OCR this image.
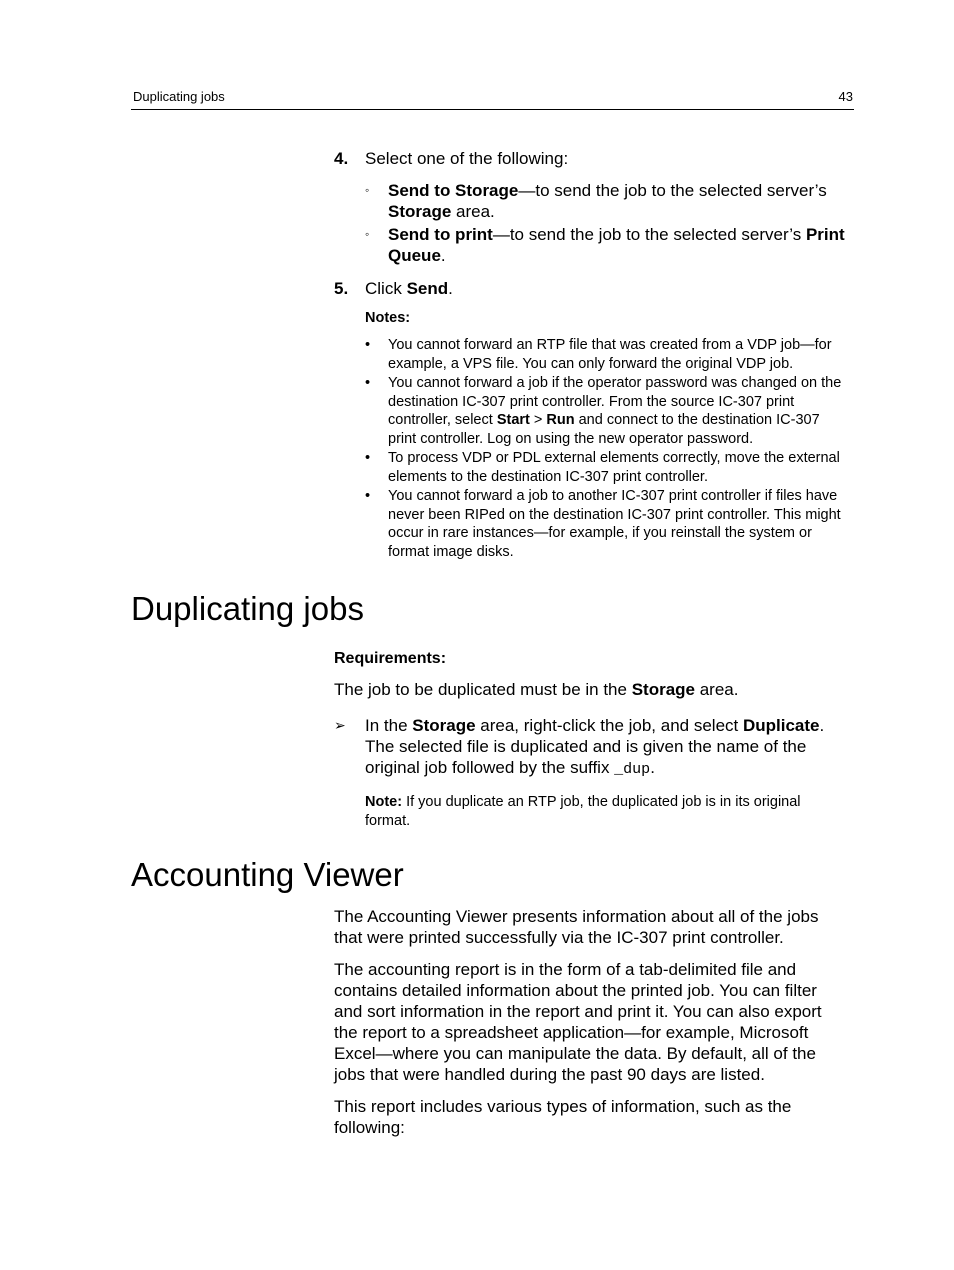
Duplicating jobs	43
4. Select one of the following:
◦ Send to Storage—to send the job to the selected server’s Storage area.
◦ Send to print—to send the job to the selected server’s Print Queue.
5. Click Send.
Notes:
• You cannot forward an RTP file that was created from a VDP job—for example, a VPS file. You can only forward the original VDP job.
• You cannot forward a job if the operator password was changed on the destination IC-307 print controller. From the source IC-307 print controller, select Start > Run and connect to the destination IC-307 print controller. Log on using the new operator password.
• To process VDP or PDL external elements correctly, move the external elements to the destination IC-307 print controller.
• You cannot forward a job to another IC-307 print controller if files have never been RIPed on the destination IC-307 print controller. This might occur in rare instances—for example, if you reinstall the system or format image disks.
Duplicating jobs

Requirements:

The job to be duplicated must be in the Storage area.

➢ In the Storage area, right-click the job, and select Duplicate.
The selected file is duplicated and is given the name of the original job followed by the suffix _dup.

Note: If you duplicate an RTP job, the duplicated job is in its original format.

Accounting Viewer

The Accounting Viewer presents information about all of the jobs that were printed successfully via the IC-307 print controller.

The accounting report is in the form of a tab-delimited file and contains detailed information about the printed job. You can filter and sort information in the report and print it. You can also export the report to a spreadsheet application—for example, Microsoft Excel—where you can manipulate the data. By default, all of the jobs that were handled during the past 90 days are listed.

This report includes various types of information, such as the following:
